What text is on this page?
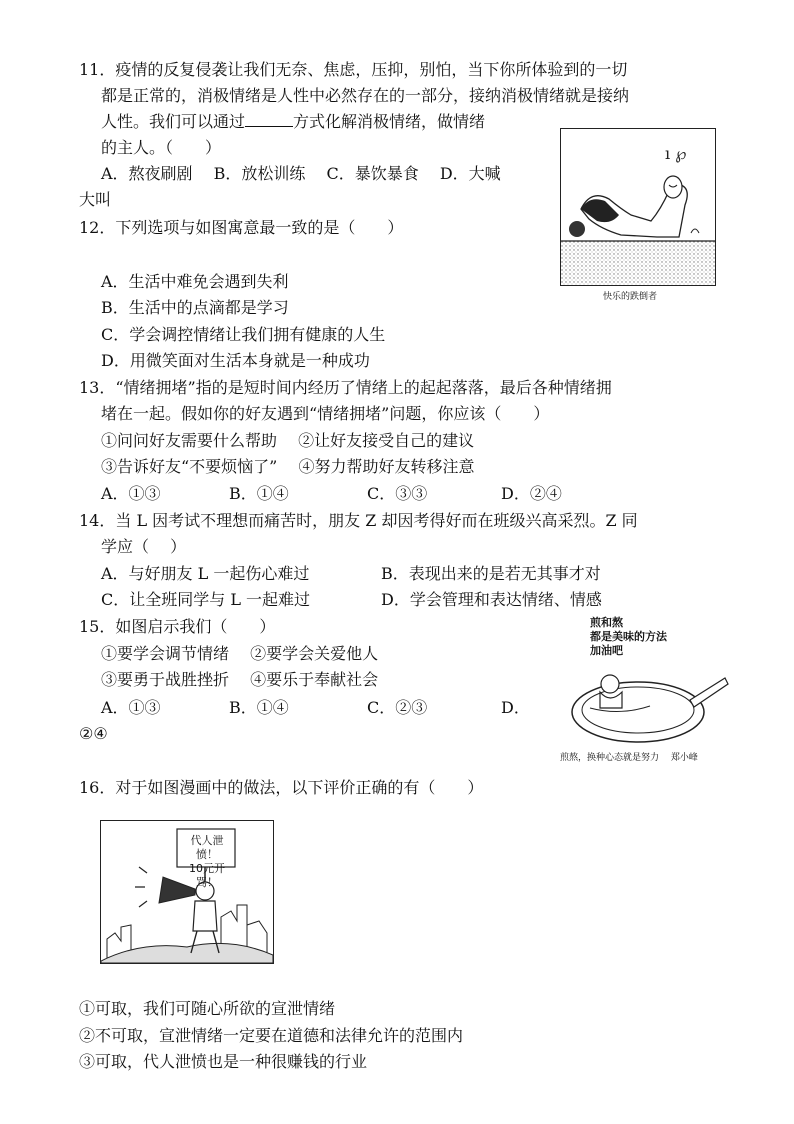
11．疫情的反复侵袭让我们无奈、焦虑，压抑，别怕，当下你所体验到的一切
都是正常的，消极情绪是人性中必然存在的一部分，接纳消极情绪就是接纳
人性。我们可以通过	方式化解消极情绪，做情绪
的主人。（　　）
A．熬夜刷剧　 B．放松训练　 C．暴饮暴食　 D．大喊
大叫
ı ℘
快乐的跌倒者
12．下列选项与如图寓意最一致的是（　　）
A．生活中难免会遇到失利
B．生活中的点滴都是学习
C．学会调控情绪让我们拥有健康的人生
D．用微笑面对生活本身就是一种成功
13．“情绪拥堵”指的是短时间内经历了情绪上的起起落落，最后各种情绪拥
堵在一起。假如你的好友遇到“情绪拥堵”问题，你应该（　　）
①问问好友需要什么帮助　 ②让好友接受自己的建议
③告诉好友“不要烦恼了”　 ④努力帮助好友转移注意
A．①③	B．①④	C．③③	D．②④
14．当 L 因考试不理想而痛苦时，朋友 Z 却因考得好而在班级兴高采烈。Z 同
学应（　 ）
A．与好朋友 L 一起伤心难过	B．表现出来的是若无其事才对
C．让全班同学与 L 一起难过	D．学会管理和表达情绪、情感
15．如图启示我们（　　）
①要学会调节情绪　 ②要学会关爱他人
③要勇于战胜挫折　 ④要乐于奉献社会
A．①③	B．①④	C．②③	D．
②④
煎和熬
都是美味的方法
加油吧
煎熬，换种心态就是努力　 郑小峰
16．对于如图漫画中的做法，以下评价正确的有（　　）
代人泄愤！
10元开骂！
①可取，我们可随心所欲的宣泄情绪
②不可取，宣泄情绪一定要在道德和法律允许的范围内
③可取，代人泄愤也是一种很赚钱的行业
